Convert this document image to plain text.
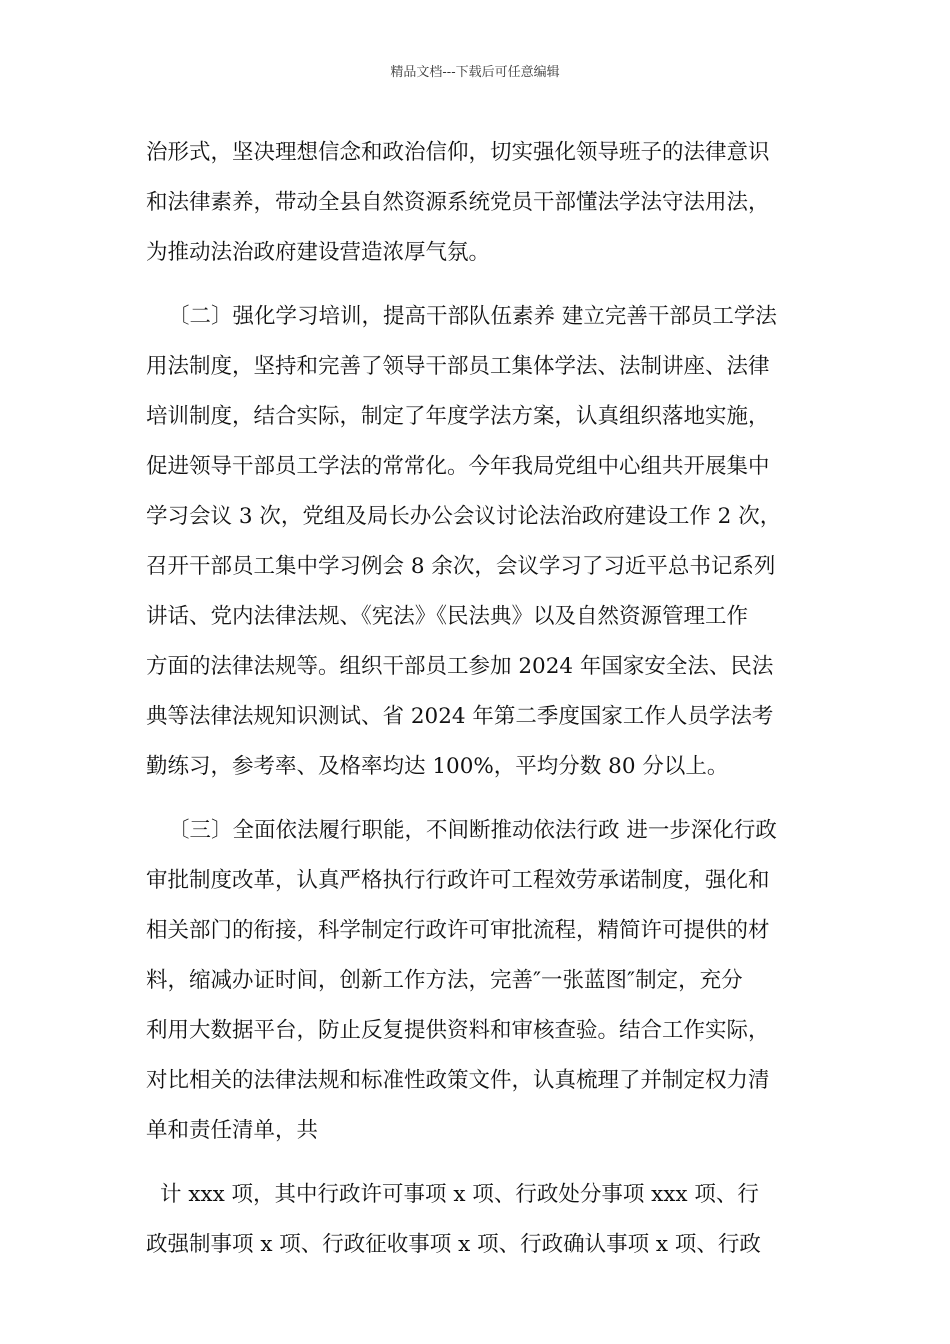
精品文档---下载后可任意编辑
治形式，坚决理想信念和政治信仰，切实强化领导班子的法律意识
和法律素养，带动全县自然资源系统党员干部懂法学法守法用法，
为推动法治政府建设营造浓厚气氛。
〔二〕强化学习培训，提高干部队伍素养 建立完善干部员工学法
用法制度，坚持和完善了领导干部员工集体学法、法制讲座、法律
培训制度，结合实际，制定了年度学法方案，认真组织落地实施，
促进领导干部员工学法的常常化。今年我局党组中心组共开展集中
学习会议 3 次，党组及局长办公会议讨论法治政府建设工作 2 次，
召开干部员工集中学习例会 8 余次，会议学习了习近平总书记系列
讲话、党内法律法规、《宪法》《民法典》以及自然资源管理工作
方面的法律法规等。组织干部员工参加 2024 年国家安全法、民法
典等法律法规知识测试、省 2024 年第二季度国家工作人员学法考
勤练习，参考率、及格率均达 100%，平均分数 80 分以上。
〔三〕全面依法履行职能，不间断推动依法行政 进一步深化行政
审批制度改革，认真严格执行行政许可工程效劳承诺制度，强化和
相关部门的衔接，科学制定行政许可审批流程，精简许可提供的材
料，缩减办证时间，创新工作方法，完善″一张蓝图″制定，充分
利用大数据平台，防止反复提供资料和审核查验。结合工作实际，
对比相关的法律法规和标准性政策文件，认真梳理了并制定权力清
单和责任清单，共
计 xxx 项，其中行政许可事项 x 项、行政处分事项 xxx 项、行
政强制事项 x 项、行政征收事项 x 项、行政确认事项 x 项、行政
